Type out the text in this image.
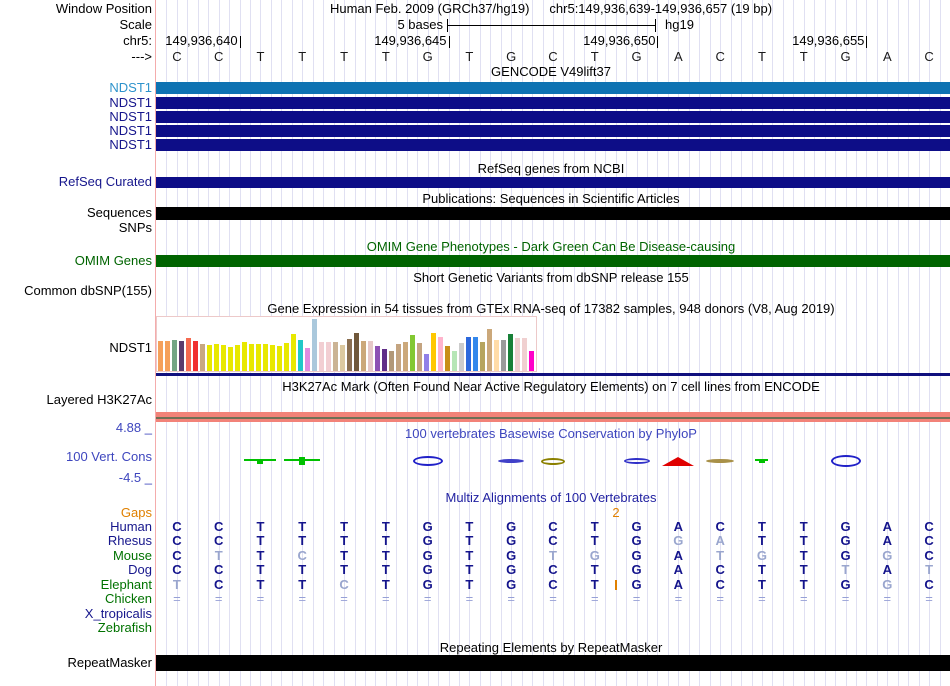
Window Position	Human Feb. 2009 (GRCh37/hg19) chr5:149,936,639-149,936,657 (19 bp)
Scale	5 bases	hg19
chr5:
--->
GENCODE V49lift37
RefSeq genes from NCBI
RefSeq Curated
Publications: Sequences in Scientific Articles
Sequences
SNPs
OMIM Gene Phenotypes - Dark Green Can Be Disease-causing
OMIM Genes
Short Genetic Variants from dbSNP release 155
Common dbSNP(155)
Gene Expression in 54 tissues from GTEx RNA-seq of 17382 samples, 948 donors (V8, Aug 2019)
NDST1
H3K27Ac Mark (Often Found Near Active Regulatory Elements) on 7 cell lines from ENCODE
Layered H3K27Ac
4.88 _	100 vertebrates Basewise Conservation by PhyloP
100 Vert. Cons
-4.5 _
Multiz Alignments of 100 Vertebrates
Gaps	2
Repeating Elements by RepeatMasker
RepeatMasker
149,936,640	149,936,645	149,936,650	149,936,655
C	C	T	T	T	T	G	T	G	C	T	G	A	C	T	T	G	A	C
NDST1
NDST1
NDST1
NDST1
NDST1
Human	C	C	T	T	T	T	G	T	G	C	T	G	A	C	T	T	G	A	C
Rhesus	C	C	T	T	T	T	G	T	G	C	T	G	G	A	T	T	G	A	C
Mouse	C	T	T	C	T	T	G	T	G	T	G	G	A	T	G	T	G	G	C
Dog	C	C	T	T	T	T	G	T	G	C	T	G	A	C	T	T	T	A	T
Elephant	T	C	T	T	C	T	G	T	G	C	T	G	A	C	T	T	G	G	C
Chicken	=	=	=	=	=	=	=	=	=	=	=	=	=	=	=	=	=	=	=
X_tropicalis
Zebrafish
